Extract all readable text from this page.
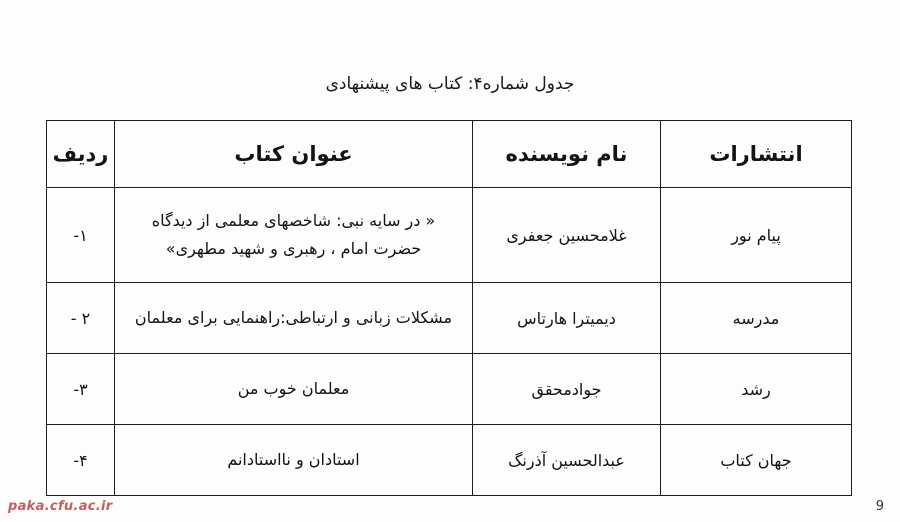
جدول شماره۴: کتاب های پیشنهادی
انتشارات	نام نویسنده	عنوان کتاب	ردیف
پیام نور	غلامحسین جعفری	« در سایه نبی: شاخصهای معلمی از دیدگاه
حضرت امام ، رهبری و شهید مطهری»	۱-
مدرسه	دیمیترا هارتاس	مشکلات زبانی و ارتباطی:راهنمایی برای معلمان	۲ -
رشد	جوادمحقق	معلمان خوب من	۳-
جهان کتاب	عبدالحسین آذرنگ	استادان و نااستادانم	۴-
paka.cfu.ac.ir	9
